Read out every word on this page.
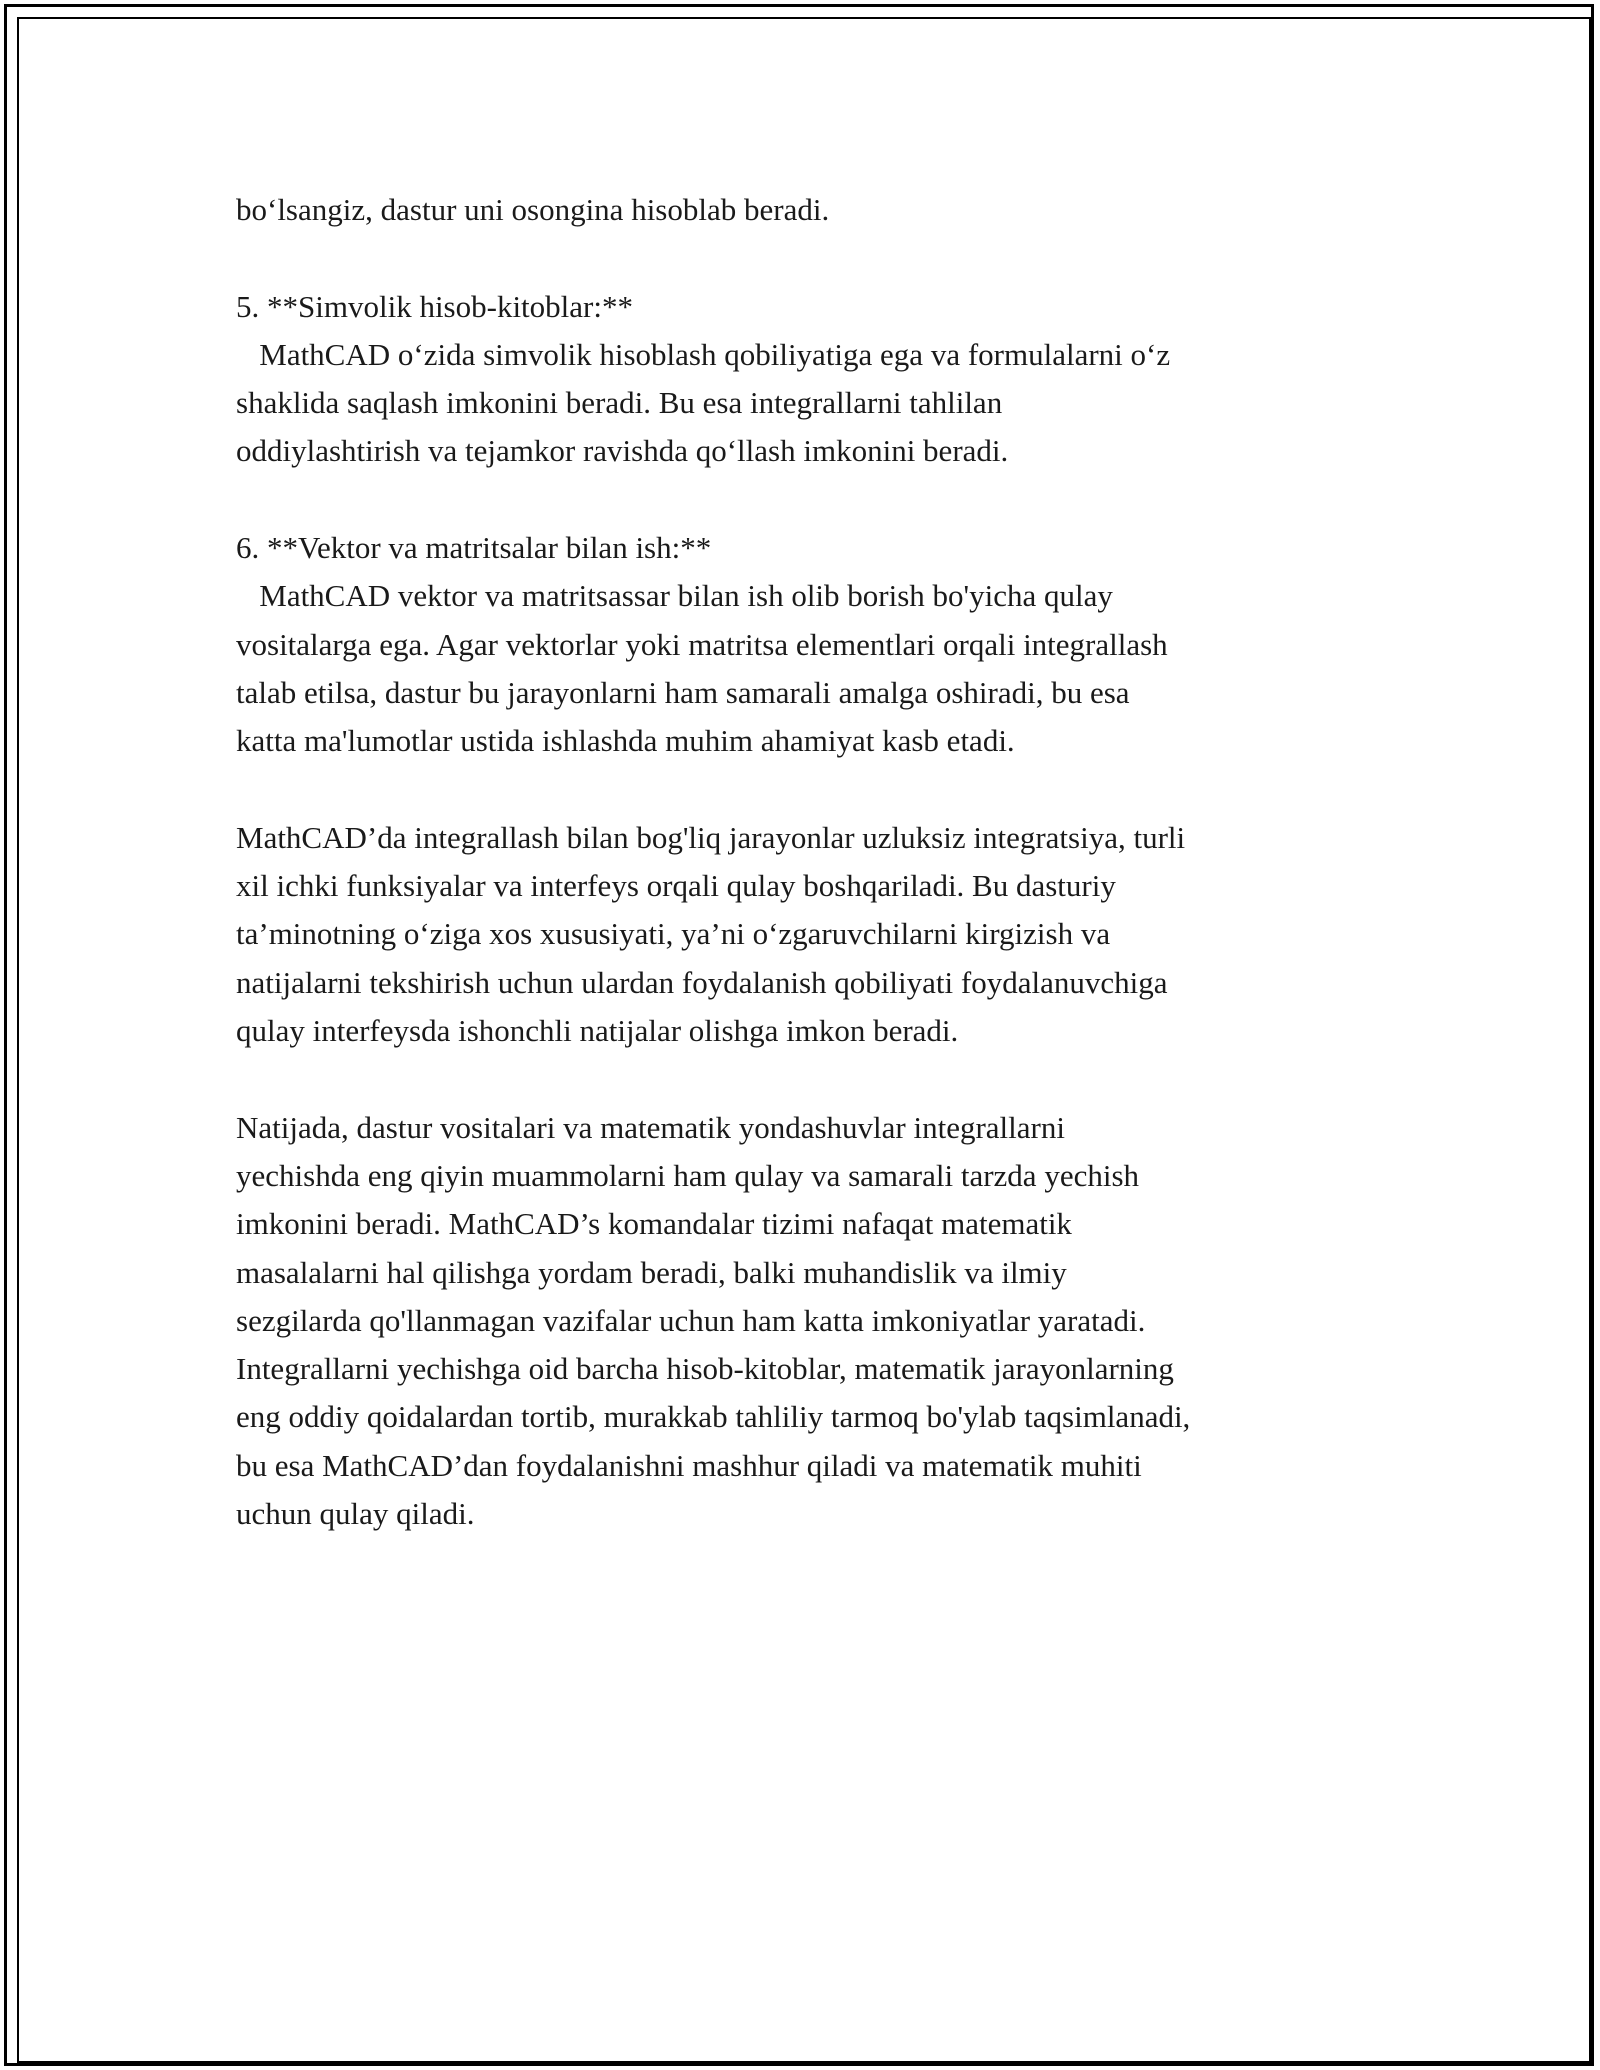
bo‘lsangiz, dastur uni osongina hisoblab beradi.
5. **Simvolik hisob-kitoblar:**
MathCAD o‘zida simvolik hisoblash qobiliyatiga ega va formulalarni o‘z
shaklida saqlash imkonini beradi. Bu esa integrallarni tahlilan
oddiylashtirish va tejamkor ravishda qo‘llash imkonini beradi.
6. **Vektor va matritsalar bilan ish:**
MathCAD vektor va matritsassar bilan ish olib borish bo'yicha qulay
vositalarga ega. Agar vektorlar yoki matritsa elementlari orqali integrallash
talab etilsa, dastur bu jarayonlarni ham samarali amalga oshiradi, bu esa
katta ma'lumotlar ustida ishlashda muhim ahamiyat kasb etadi.
MathCAD’da integrallash bilan bog'liq jarayonlar uzluksiz integratsiya, turli
xil ichki funksiyalar va interfeys orqali qulay boshqariladi. Bu dasturiy
ta’minotning o‘ziga xos xususiyati, ya’ni o‘zgaruvchilarni kirgizish va
natijalarni tekshirish uchun ulardan foydalanish qobiliyati foydalanuvchiga
qulay interfeysda ishonchli natijalar olishga imkon beradi.
Natijada, dastur vositalari va matematik yondashuvlar integrallarni
yechishda eng qiyin muammolarni ham qulay va samarali tarzda yechish
imkonini beradi. MathCAD’s komandalar tizimi nafaqat matematik
masalalarni hal qilishga yordam beradi, balki muhandislik va ilmiy
sezgilarda qo'llanmagan vazifalar uchun ham katta imkoniyatlar yaratadi.
Integrallarni yechishga oid barcha hisob-kitoblar, matematik jarayonlarning
eng oddiy qoidalardan tortib, murakkab tahliliy tarmoq bo'ylab taqsimlanadi,
bu esa MathCAD’dan foydalanishni mashhur qiladi va matematik muhiti
uchun qulay qiladi.
